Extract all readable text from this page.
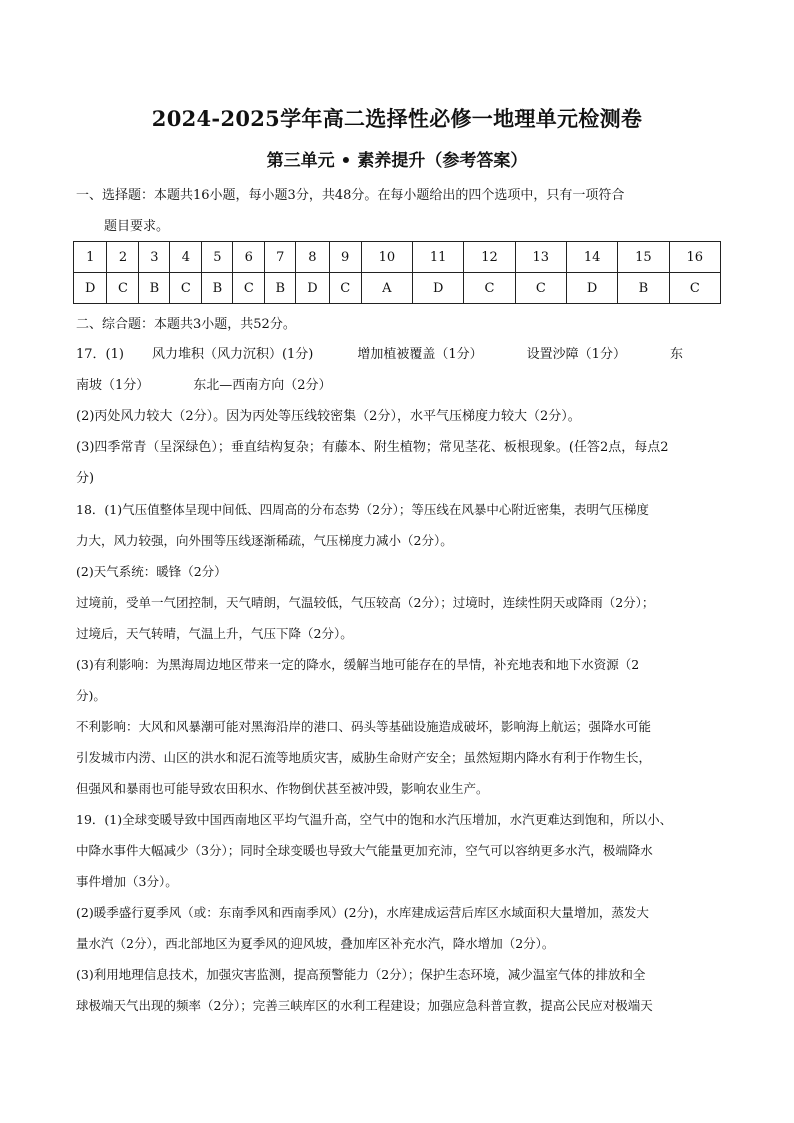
2024-2025学年高二选择性必修一地理单元检测卷
第三单元 • 素养提升（参考答案）
一、选择题：本题共16小题，每小题3分，共48分。在每小题给出的四个选项中，只有一项符合
题目要求。
1	2	3	4	5	6	7	8	9	10	11	12	13	14	15	16
D	C	B	C	B	C	B	D	C	A	D	C	C	D	B	C
二、综合题：本题共3小题，共52分。
17．(1) 风力堆积（风力沉积）(1分)	增加植被覆盖（1分）	设置沙障（1分）	东
南坡（1分）	东北—西南方向（2分）
(2)丙处风力较大（2分）。因为丙处等压线较密集（2分），水平气压梯度力较大（2分）。
(3)四季常青（呈深绿色）；垂直结构复杂；有藤本、附生植物；常见茎花、板根现象。(任答2点，每点2
分)
18．(1)气压值整体呈现中间低、四周高的分布态势（2分）；等压线在风暴中心附近密集，表明气压梯度
力大，风力较强，向外围等压线逐渐稀疏，气压梯度力减小（2分）。
(2)天气系统：暖锋（2分）
过境前，受单一气团控制，天气晴朗，气温较低，气压较高（2分）；过境时，连续性阴天或降雨（2分）；
过境后，天气转晴，气温上升，气压下降（2分）。
(3)有利影响：为黑海周边地区带来一定的降水，缓解当地可能存在的旱情，补充地表和地下水资源（2
分)。
不利影响：大风和风暴潮可能对黑海沿岸的港口、码头等基础设施造成破坏，影响海上航运；强降水可能
引发城市内涝、山区的洪水和泥石流等地质灾害，威胁生命财产安全；虽然短期内降水有利于作物生长，
但强风和暴雨也可能导致农田积水、作物倒伏甚至被冲毁，影响农业生产。
19．(1)全球变暖导致中国西南地区平均气温升高，空气中的饱和水汽压增加，水汽更难达到饱和，所以小、
中降水事件大幅减少（3分）；同时全球变暖也导致大气能量更加充沛，空气可以容纳更多水汽，极端降水
事件增加（3分）。
(2)暖季盛行夏季风（或：东南季风和西南季风）(2分)，水库建成运营后库区水域面积大量增加，蒸发大
量水汽（2分），西北部地区为夏季风的迎风坡，叠加库区补充水汽，降水增加（2分）。
(3)利用地理信息技术，加强灾害监测，提高预警能力（2分）；保护生态环境，减少温室气体的排放和全
球极端天气出现的频率（2分）；完善三峡库区的水利工程建设；加强应急科普宣教，提高公民应对极端天
